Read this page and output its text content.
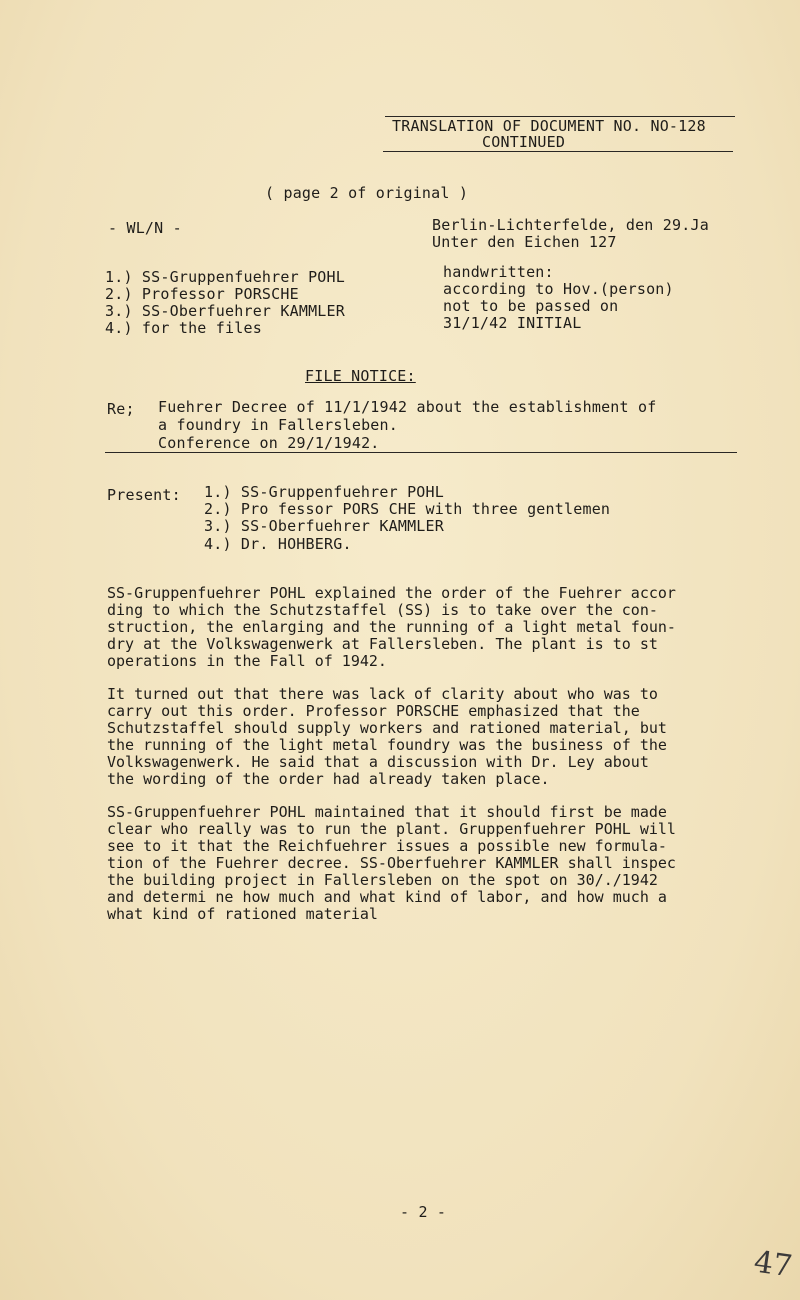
TRANSLATION OF DOCUMENT NO. NO-128
CONTINUED
( page 2 of original )
- WL/N -	Berlin-Lichterfelde, den 29.Ja
Unter den Eichen 127
1.) SS-Gruppenfuehrer POHL
2.) Professor PORSCHE
3.) SS-Oberfuehrer KAMMLER
4.) for the files
handwritten:
according to Hov.(person)
not to be passed on
31/1/42 INITIAL
FILE NOTICE:
Re; Fuehrer Decree of 11/1/1942 about the establishment of
a foundry in Fallersleben.
Conference on 29/1/1942.
Present: 1.) SS-Gruppenfuehrer POHL
2.) Pro fessor PORS CHE with three gentlemen
3.) SS-Oberfuehrer KAMMLER
4.) Dr. HOHBERG.
SS-Gruppenfuehrer POHL explained the order of the Fuehrer accor
ding to which the Schutzstaffel (SS) is to take over the con-
struction, the enlarging and the running of a light metal foun-
dry at the Volkswagenwerk at Fallersleben. The plant is to st
operations in the Fall of 1942.
It turned out that there was lack of clarity about who was to
carry out this order. Professor PORSCHE emphasized that the
Schutzstaffel should supply workers and rationed material, but
the running of the light metal foundry was the business of the
Volkswagenwerk. He said that a discussion with Dr. Ley about
the wording of the order had already taken place.
SS-Gruppenfuehrer POHL maintained that it should first be made
clear who really was to run the plant. Gruppenfuehrer POHL will
see to it that the Reichfuehrer issues a possible new formula-
tion of the Fuehrer decree. SS-Oberfuehrer KAMMLER shall inspec
the building project in Fallersleben on the spot on 30/./1942
and determi ne how much and what kind of labor, and how much a
what kind of rationed material
- 2 -
47
